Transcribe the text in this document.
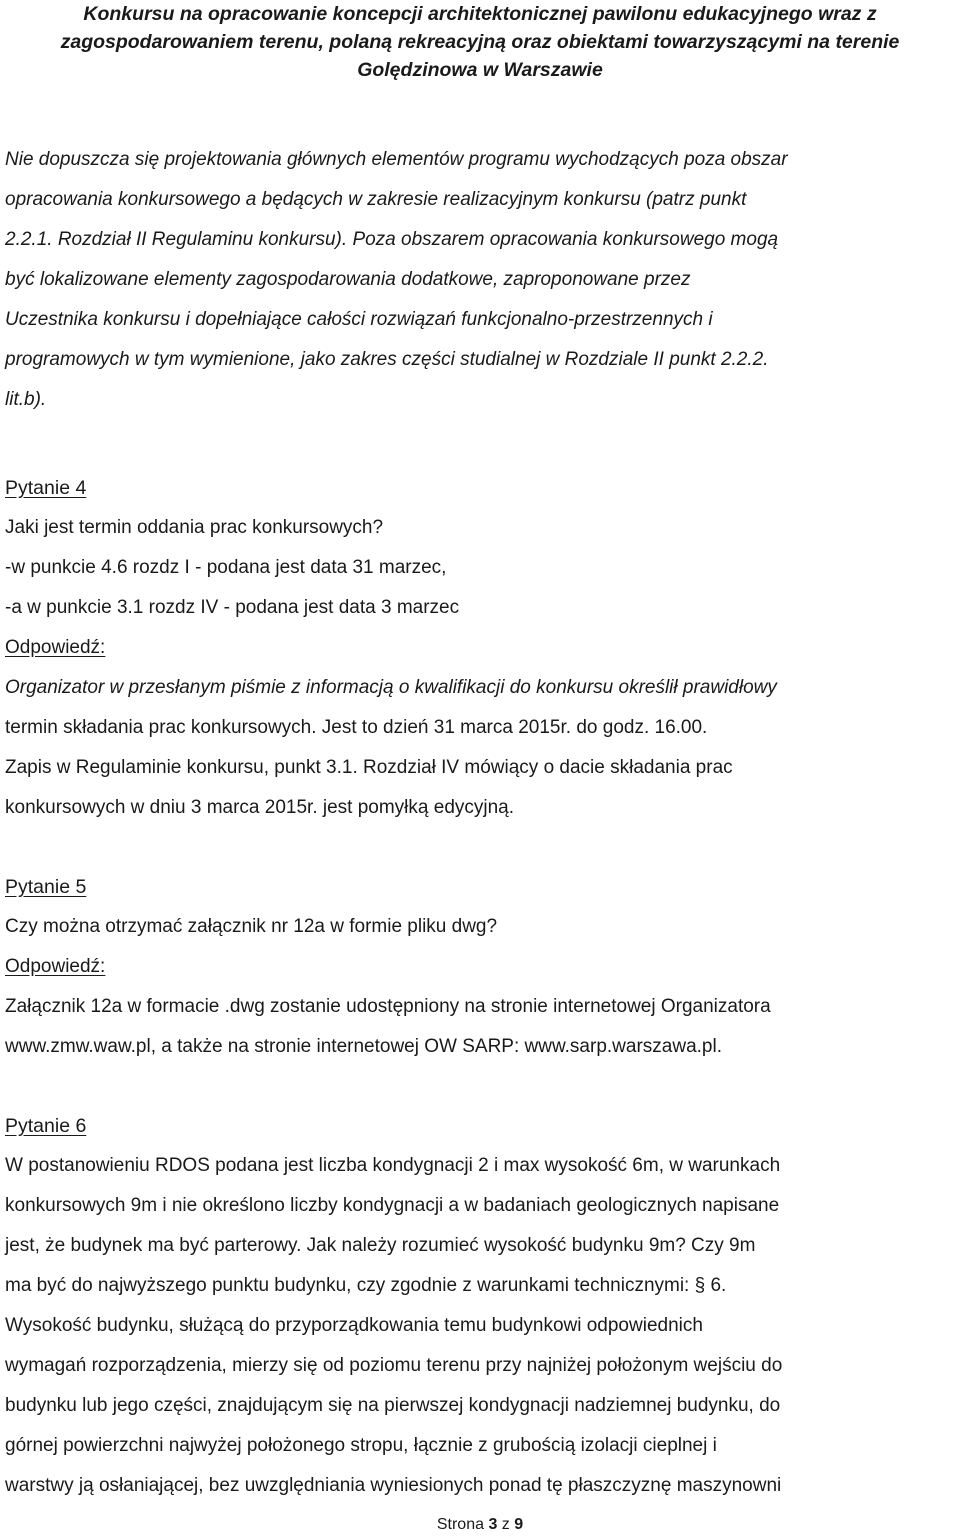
Konkursu na opracowanie koncepcji architektonicznej pawilonu edukacyjnego wraz z
zagospodarowaniem terenu, polaną rekreacyjną oraz obiektami towarzyszącymi na terenie
Golędzinowa w Warszawie
Nie dopuszcza się projektowania głównych elementów programu wychodzących poza obszar
opracowania konkursowego a będących w zakresie realizacyjnym konkursu (patrz punkt
2.2.1. Rozdział II Regulaminu konkursu). Poza obszarem opracowania konkursowego mogą
być lokalizowane elementy zagospodarowania dodatkowe, zaproponowane przez
Uczestnika konkursu i dopełniające całości rozwiązań funkcjonalno-przestrzennych i
programowych w tym wymienione, jako zakres części studialnej w Rozdziale II punkt 2.2.2.
lit.b).
Pytanie 4
Jaki jest termin oddania prac konkursowych?
-w punkcie 4.6 rozdz I - podana jest data 31 marzec,
-a w punkcie 3.1 rozdz IV - podana jest data 3 marzec
Odpowiedź:
Organizator w przesłanym piśmie z informacją o kwalifikacji do konkursu określił prawidłowy
termin składania prac konkursowych. Jest to dzień 31 marca 2015r. do godz. 16.00.
Zapis w Regulaminie konkursu, punkt 3.1. Rozdział IV mówiący o dacie składania prac
konkursowych w dniu 3 marca 2015r. jest pomyłką edycyjną.
Pytanie 5
Czy można otrzymać załącznik nr 12a w formie pliku dwg?
Odpowiedź:
Załącznik 12a w formacie .dwg zostanie udostępniony na stronie internetowej Organizatora
www.zmw.waw.pl, a także na stronie internetowej OW SARP: www.sarp.warszawa.pl.
Pytanie 6
W postanowieniu RDOS podana jest liczba kondygnacji 2 i max wysokość 6m, w warunkach
konkursowych 9m i nie określono liczby kondygnacji a w badaniach geologicznych napisane
jest, że budynek ma być parterowy. Jak należy rozumieć wysokość budynku 9m? Czy 9m
ma być do najwyższego punktu budynku, czy zgodnie z warunkami technicznymi: § 6.
Wysokość budynku, służącą do przyporządkowania temu budynkowi odpowiednich
wymagań rozporządzenia, mierzy się od poziomu terenu przy najniżej położonym wejściu do
budynku lub jego części, znajdującym się na pierwszej kondygnacji nadziemnej budynku, do
górnej powierzchni najwyżej położonego stropu, łącznie z grubością izolacji cieplnej i
warstwy ją osłaniającej, bez uwzględniania wyniesionych ponad tę płaszczyznę maszynowni
Strona 3 z 9
